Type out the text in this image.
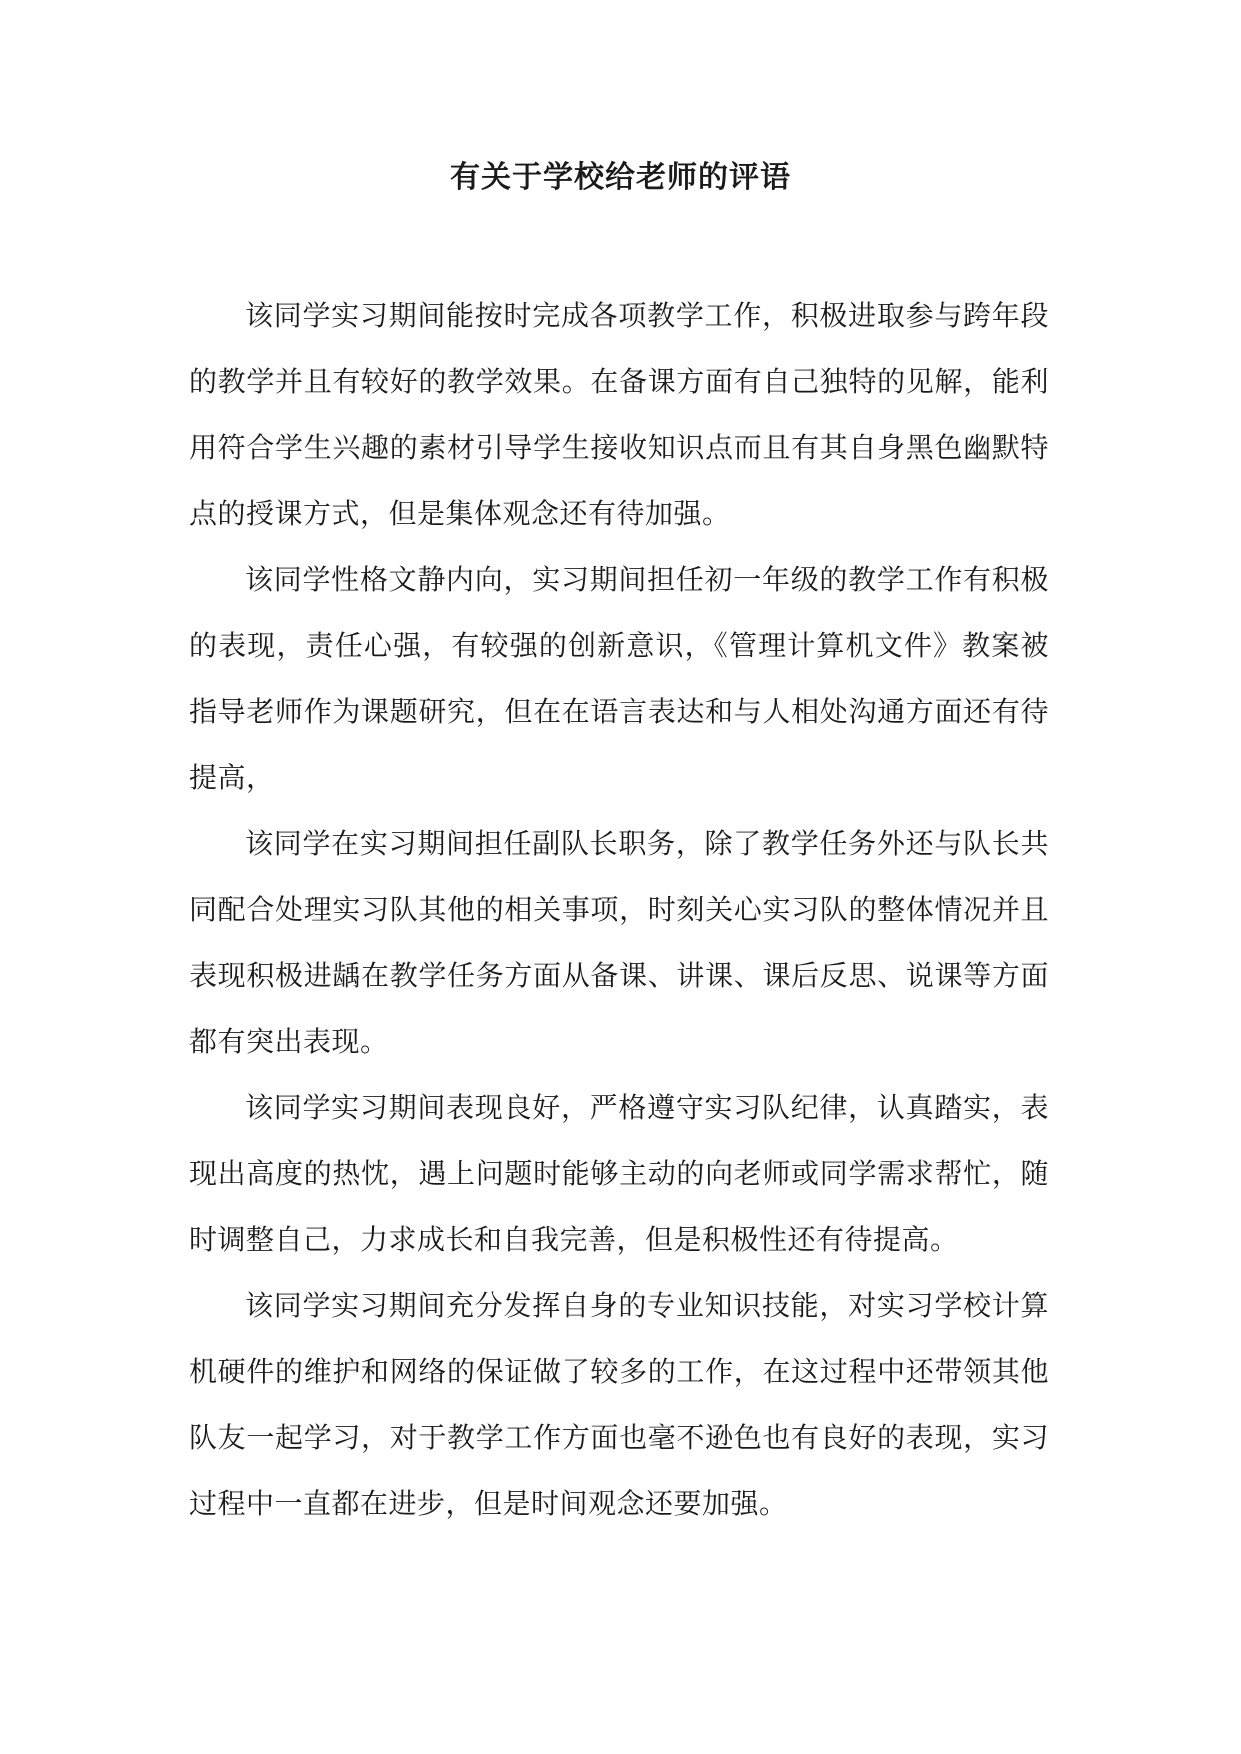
有关于学校给老师的评语

该同学实习期间能按时完成各项教学工作，积极进取参与跨年段的教学并且有较好的教学效果。在备课方面有自己独特的见解，能利用符合学生兴趣的素材引导学生接收知识点而且有其自身黑色幽默特点的授课方式，但是集体观念还有待加强。

该同学性格文静内向，实习期间担任初一年级的教学工作有积极的表现，责任心强，有较强的创新意识，《管理计算机文件》教案被指导老师作为课题研究，但在在语言表达和与人相处沟通方面还有待提高，

该同学在实习期间担任副队长职务，除了教学任务外还与队长共同配合处理实习队其他的相关事项，时刻关心实习队的整体情况并且表现积极进龋在教学任务方面从备课、讲课、课后反思、说课等方面都有突出表现。

该同学实习期间表现良好，严格遵守实习队纪律，认真踏实，表现出高度的热忱，遇上问题时能够主动的向老师或同学需求帮忙，随时调整自己，力求成长和自我完善，但是积极性还有待提高。

该同学实习期间充分发挥自身的专业知识技能，对实习学校计算机硬件的维护和网络的保证做了较多的工作，在这过程中还带领其他队友一起学习，对于教学工作方面也毫不逊色也有良好的表现，实习过程中一直都在进步，但是时间观念还要加强。
